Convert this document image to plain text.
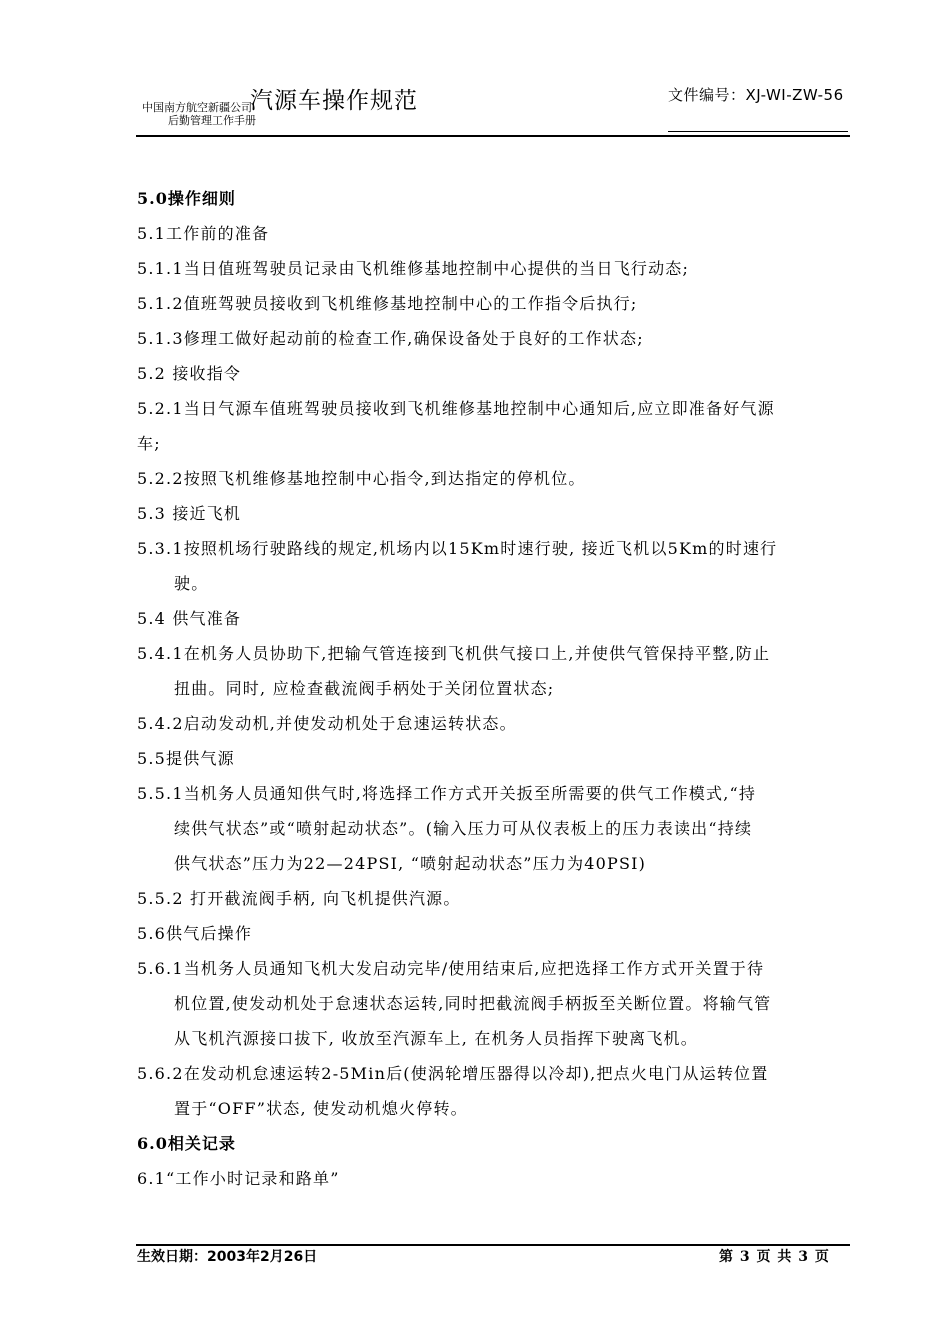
中国南方航空新疆公司
后勤管理工作手册
汽源车操作规范	文件编号：XJ-WI-ZW-56
5.0操作细则
5.1工作前的准备
5.1.1当日值班驾驶员记录由飞机维修基地控制中心提供的当日飞行动态;
5.1.2值班驾驶员接收到飞机维修基地控制中心的工作指令后执行;
5.1.3修理工做好起动前的检查工作,确保设备处于良好的工作状态;
5.2 接收指令
5.2.1当日气源车值班驾驶员接收到飞机维修基地控制中心通知后,应立即准备好气源
车;
5.2.2按照飞机维修基地控制中心指令,到达指定的停机位。
5.3 接近飞机
5.3.1按照机场行驶路线的规定,机场内以15Km时速行驶, 接近飞机以5Km的时速行
驶。
5.4 供气准备
5.4.1在机务人员协助下,把输气管连接到飞机供气接口上,并使供气管保持平整,防止
扭曲。同时, 应检查截流阀手柄处于关闭位置状态;
5.4.2启动发动机,并使发动机处于怠速运转状态。
5.5提供气源
5.5.1当机务人员通知供气时,将选择工作方式开关扳至所需要的供气工作模式,“持
续供气状态”或“喷射起动状态”。(输入压力可从仪表板上的压力表读出“持续
供气状态”压力为22—24PSI, “喷射起动状态”压力为40PSI)
5.5.2 打开截流阀手柄, 向飞机提供汽源。
5.6供气后操作
5.6.1当机务人员通知飞机大发启动完毕/使用结束后,应把选择工作方式开关置于待
机位置,使发动机处于怠速状态运转,同时把截流阀手柄扳至关断位置。将输气管
从飞机汽源接口拔下, 收放至汽源车上, 在机务人员指挥下驶离飞机。
5.6.2在发动机怠速运转2-5Min后(使涡轮增压器得以冷却),把点火电门从运转位置
置于“OFF”状态, 使发动机熄火停转。
6.0相关记录
6.1“工作小时记录和路单”
生效日期：2003年2月26日	第 3 页 共 3 页
